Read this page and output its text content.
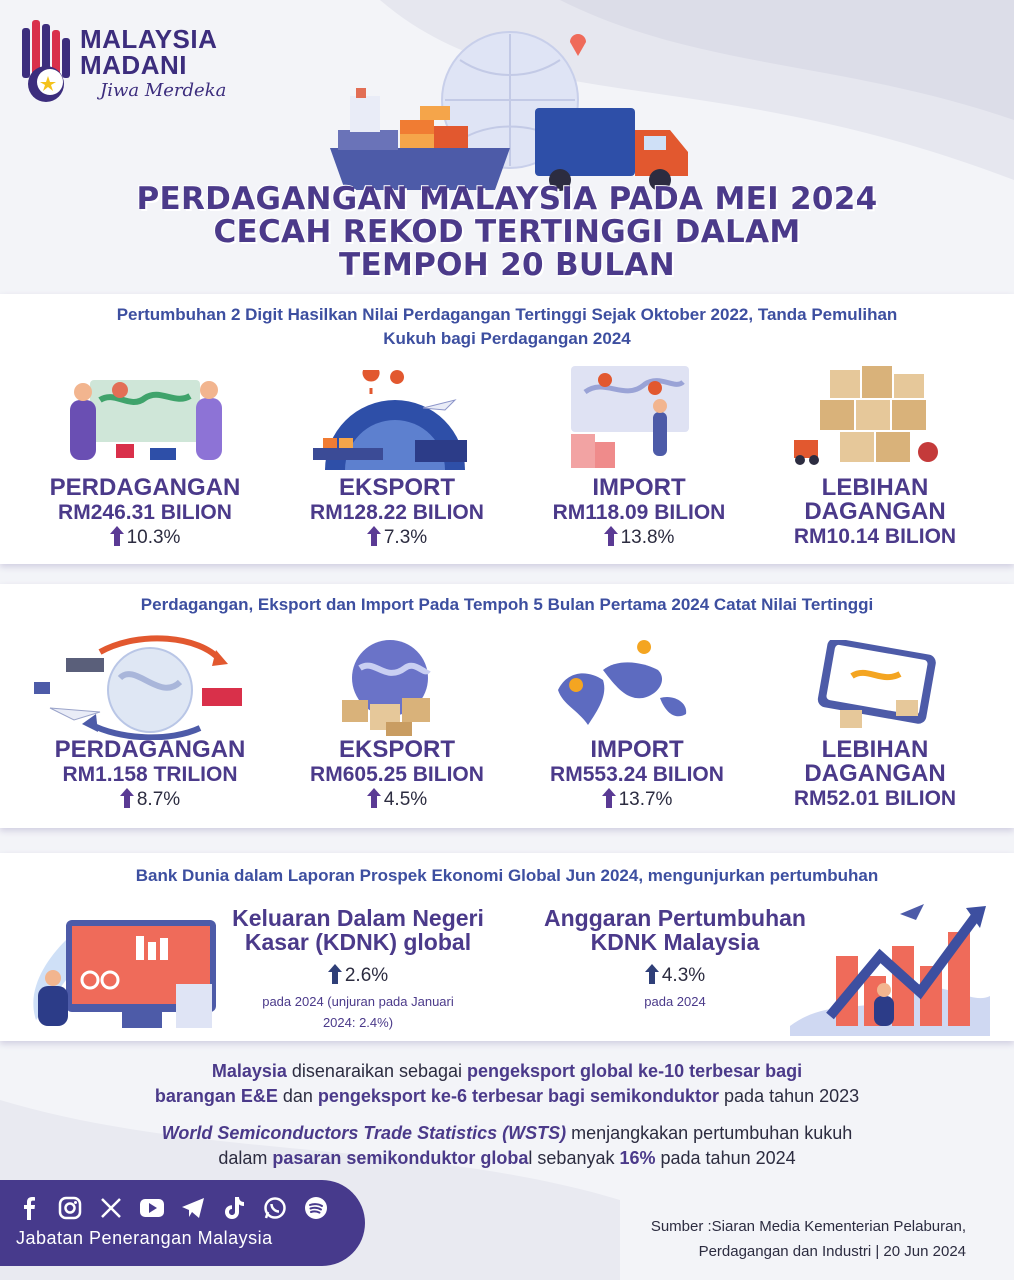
MALAYSIA
MADANI
Jiwa Merdeka
PERDAGANGAN MALAYSIA PADA MEI 2024
CECAH REKOD TERTINGGI DALAM
TEMPOH 20 BULAN
Pertumbuhan 2 Digit Hasilkan Nilai Perdagangan Tertinggi Sejak Oktober 2022, Tanda Pemulihan
Kukuh bagi Perdagangan 2024
PERDAGANGAN
RM246.31 BILION
10.3%
EKSPORT
RM128.22 BILION
7.3%
IMPORT
RM118.09 BILION
13.8%
LEBIHAN
DAGANGAN
RM10.14 BILION
Perdagangan, Eksport dan Import Pada Tempoh 5 Bulan Pertama 2024 Catat Nilai Tertinggi
PERDAGANGAN
RM1.158 TRILION
8.7%
EKSPORT
RM605.25 BILION
4.5%
IMPORT
RM553.24 BILION
13.7%
LEBIHAN
DAGANGAN
RM52.01 BILION
Bank Dunia dalam Laporan Prospek Ekonomi Global Jun 2024, mengunjurkan pertumbuhan
Keluaran Dalam Negeri
Kasar (KDNK) global
2.6%
pada 2024 (unjuran pada Januari
2024: 2.4%)
Anggaran Pertumbuhan
KDNK Malaysia
4.3%
pada 2024
Malaysia disenaraikan sebagai pengeksport global ke-10 terbesar bagi
barangan E&E dan pengeksport ke-6 terbesar bagi semikonduktor pada tahun 2023
World Semiconductors Trade Statistics (WSTS) menjangkakan pertumbuhan kukuh
dalam pasaran semikonduktor global sebanyak 16% pada tahun 2024
Jabatan Penerangan Malaysia
Sumber :Siaran Media Kementerian Pelaburan,
Perdagangan dan Industri | 20 Jun 2024
